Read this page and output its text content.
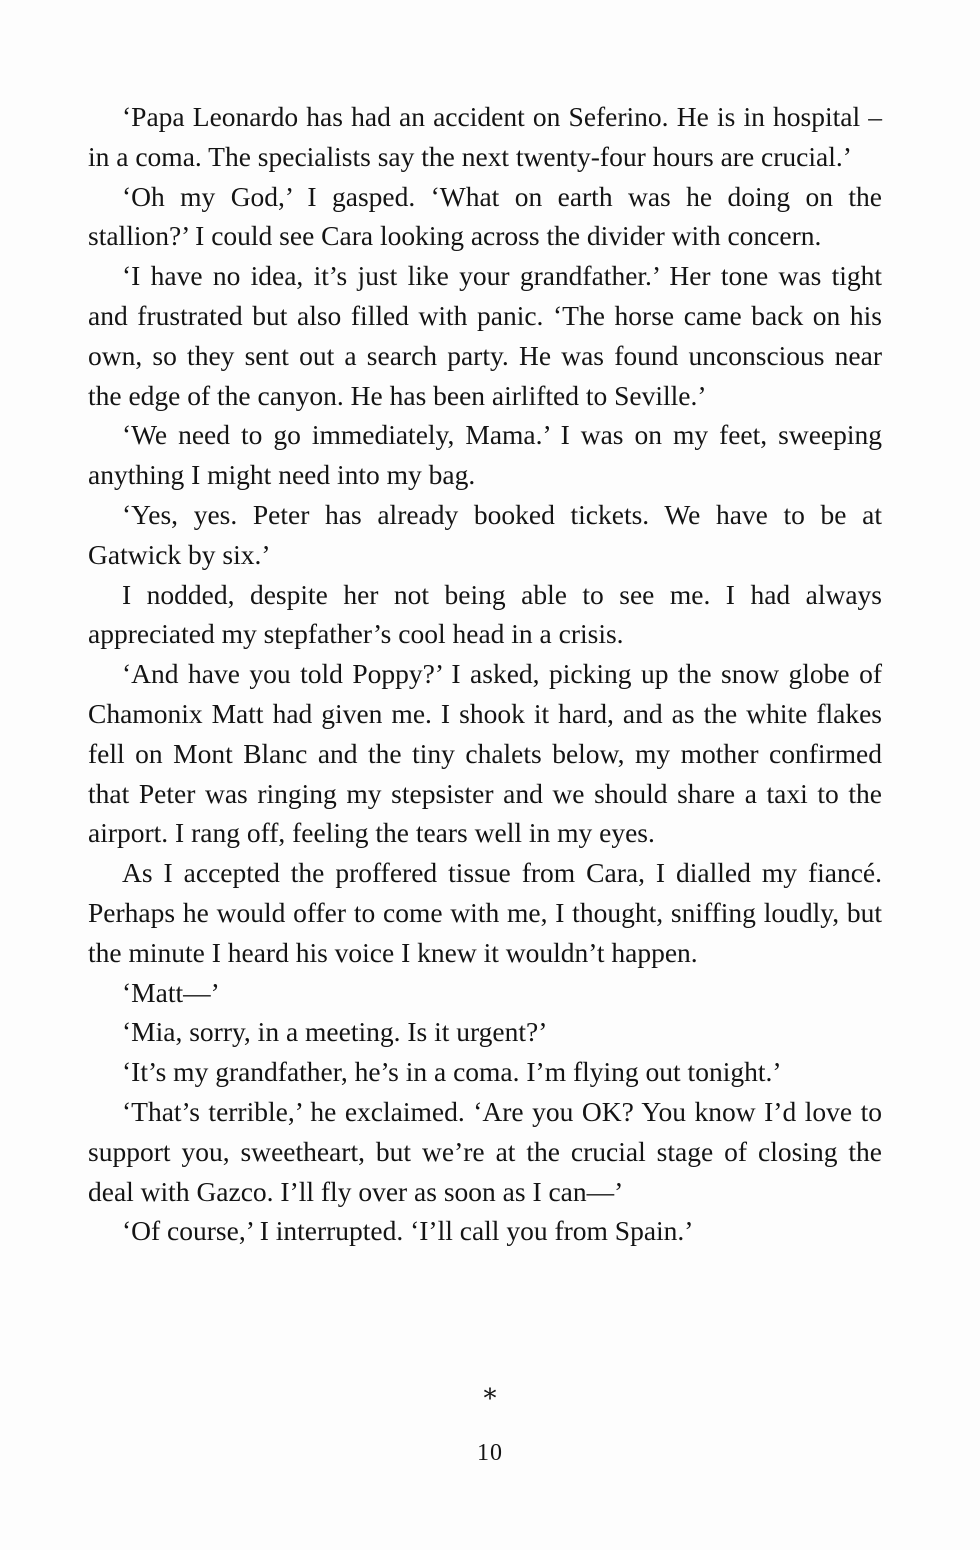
‘Papa Leonardo has had an accident on Seferino. He is in hospital – in a coma. The specialists say the next twenty-four hours are crucial.’

‘Oh my God,’ I gasped. ‘What on earth was he doing on the stallion?’ I could see Cara looking across the divider with concern.

‘I have no idea, it’s just like your grandfather.’ Her tone was tight and frustrated but also filled with panic. ‘The horse came back on his own, so they sent out a search party. He was found unconscious near the edge of the canyon. He has been airlifted to Seville.’

‘We need to go immediately, Mama.’ I was on my feet, sweeping anything I might need into my bag.

‘Yes, yes. Peter has already booked tickets. We have to be at Gatwick by six.’

I nodded, despite her not being able to see me. I had always appreciated my stepfather’s cool head in a crisis.

‘And have you told Poppy?’ I asked, picking up the snow globe of Chamonix Matt had given me. I shook it hard, and as the white flakes fell on Mont Blanc and the tiny chalets below, my mother confirmed that Peter was ringing my stepsister and we should share a taxi to the airport. I rang off, feeling the tears well in my eyes.

As I accepted the proffered tissue from Cara, I dialled my fiancé. Perhaps he would offer to come with me, I thought, sniffing loudly, but the minute I heard his voice I knew it wouldn’t happen.

‘Matt—’

‘Mia, sorry, in a meeting. Is it urgent?’

‘It’s my grandfather, he’s in a coma. I’m flying out tonight.’

‘That’s terrible,’ he exclaimed. ‘Are you OK? You know I’d love to support you, sweetheart, but we’re at the crucial stage of closing the deal with Gazco. I’ll fly over as soon as I can—’

‘Of course,’ I interrupted. ‘I’ll call you from Spain.’

*
10
